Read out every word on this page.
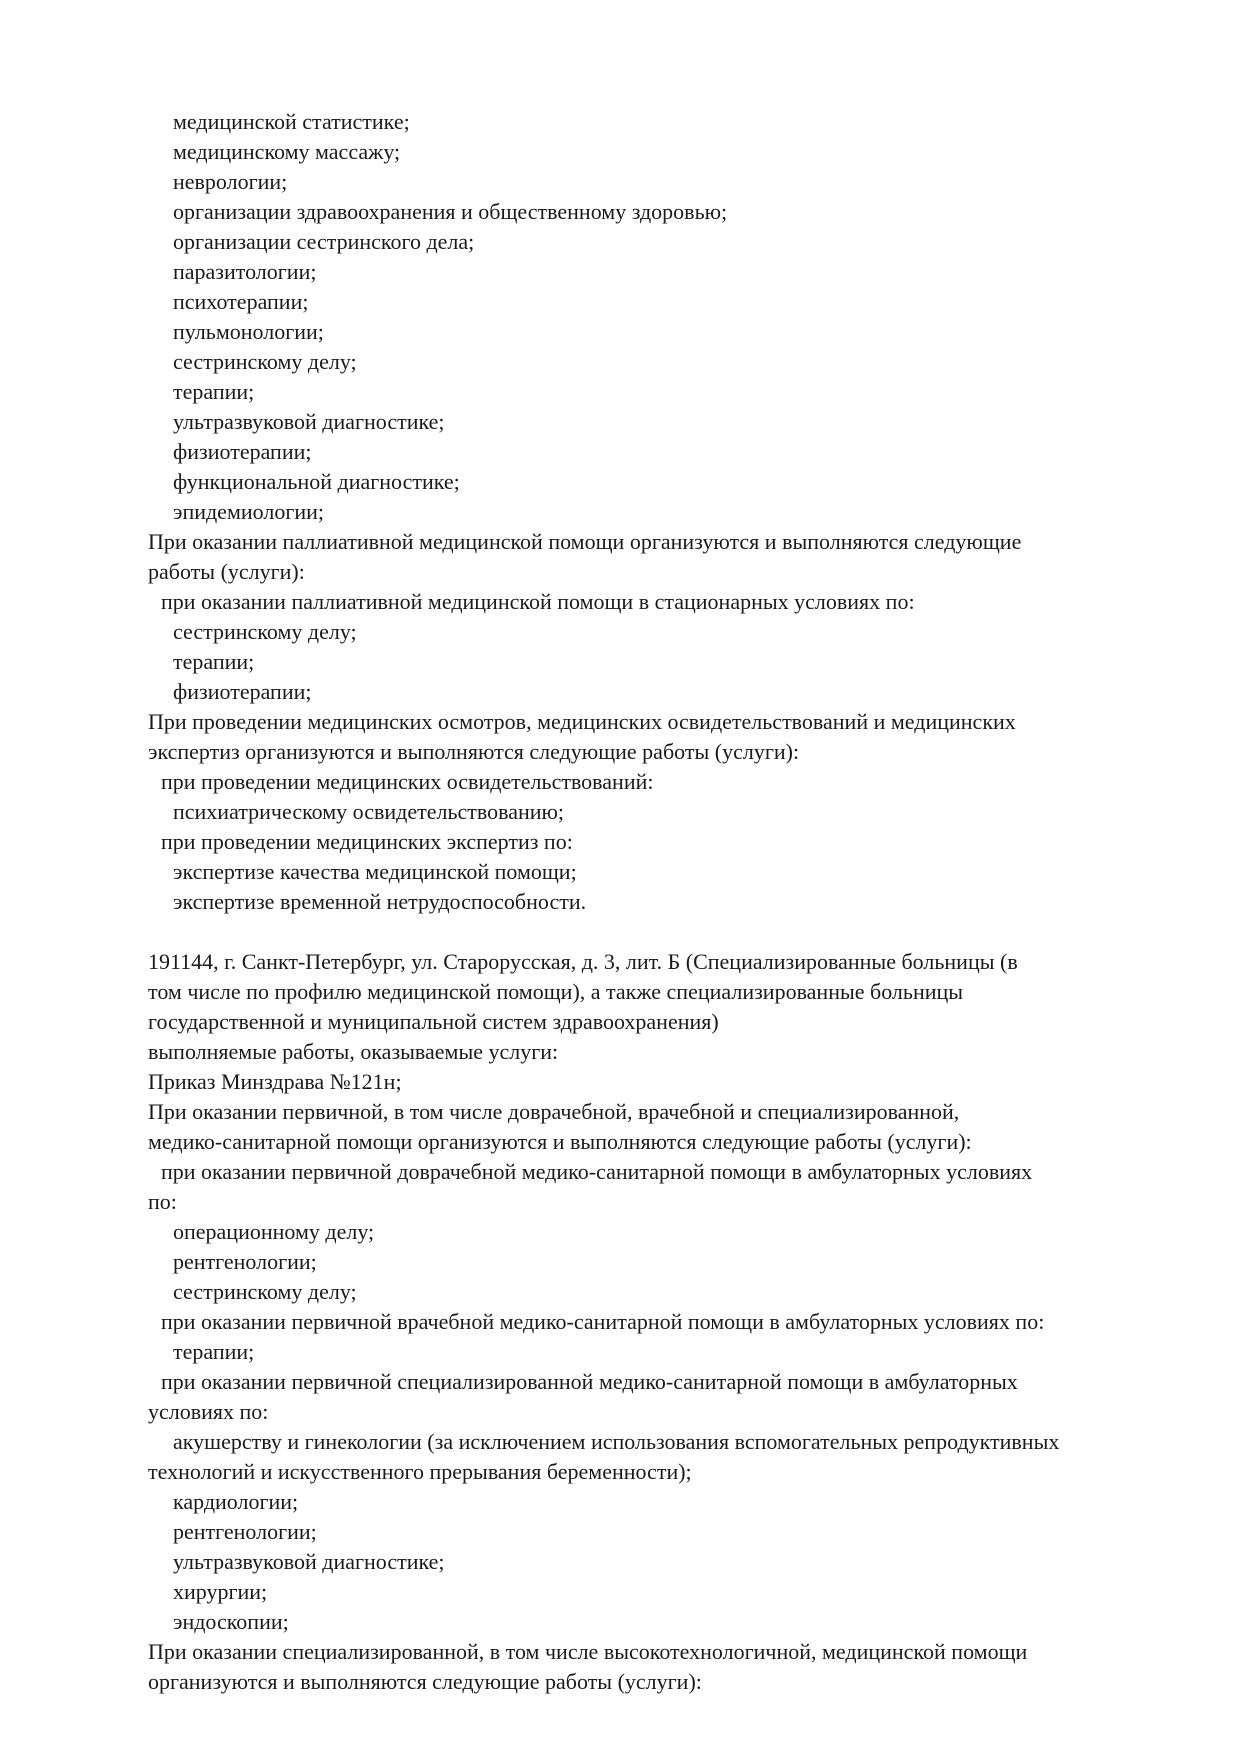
медицинской статистике;
медицинскому массажу;
неврологии;
организации здравоохранения и общественному здоровью;
организации сестринского дела;
паразитологии;
психотерапии;
пульмонологии;
сестринскому делу;
терапии;
ультразвуковой диагностике;
физиотерапии;
функциональной диагностике;
эпидемиологии;
При оказании паллиативной медицинской помощи организуются и выполняются следующие
работы (услуги):
при оказании паллиативной медицинской помощи в стационарных условиях по:
сестринскому делу;
терапии;
физиотерапии;
При проведении медицинских осмотров, медицинских освидетельствований и медицинских
экспертиз организуются и выполняются следующие работы (услуги):
при проведении медицинских освидетельствований:
психиатрическому освидетельствованию;
при проведении медицинских экспертиз по:
экспертизе качества медицинской помощи;
экспертизе временной нетрудоспособности.
191144, г. Санкт-Петербург, ул. Старорусская, д. 3, лит. Б (Специализированные больницы (в
том числе по профилю медицинской помощи), а также специализированные больницы
государственной и муниципальной систем здравоохранения)
выполняемые работы, оказываемые услуги:
Приказ Минздрава №121н;
При оказании первичной, в том числе доврачебной, врачебной и специализированной,
медико-санитарной помощи организуются и выполняются следующие работы (услуги):
при оказании первичной доврачебной медико-санитарной помощи в амбулаторных условиях
по:
операционному делу;
рентгенологии;
сестринскому делу;
при оказании первичной врачебной медико-санитарной помощи в амбулаторных условиях по:
терапии;
при оказании первичной специализированной медико-санитарной помощи в амбулаторных
условиях по:
акушерству и гинекологии (за исключением использования вспомогательных репродуктивных
технологий и искусственного прерывания беременности);
кардиологии;
рентгенологии;
ультразвуковой диагностике;
хирургии;
эндоскопии;
При оказании специализированной, в том числе высокотехнологичной, медицинской помощи
организуются и выполняются следующие работы (услуги):
